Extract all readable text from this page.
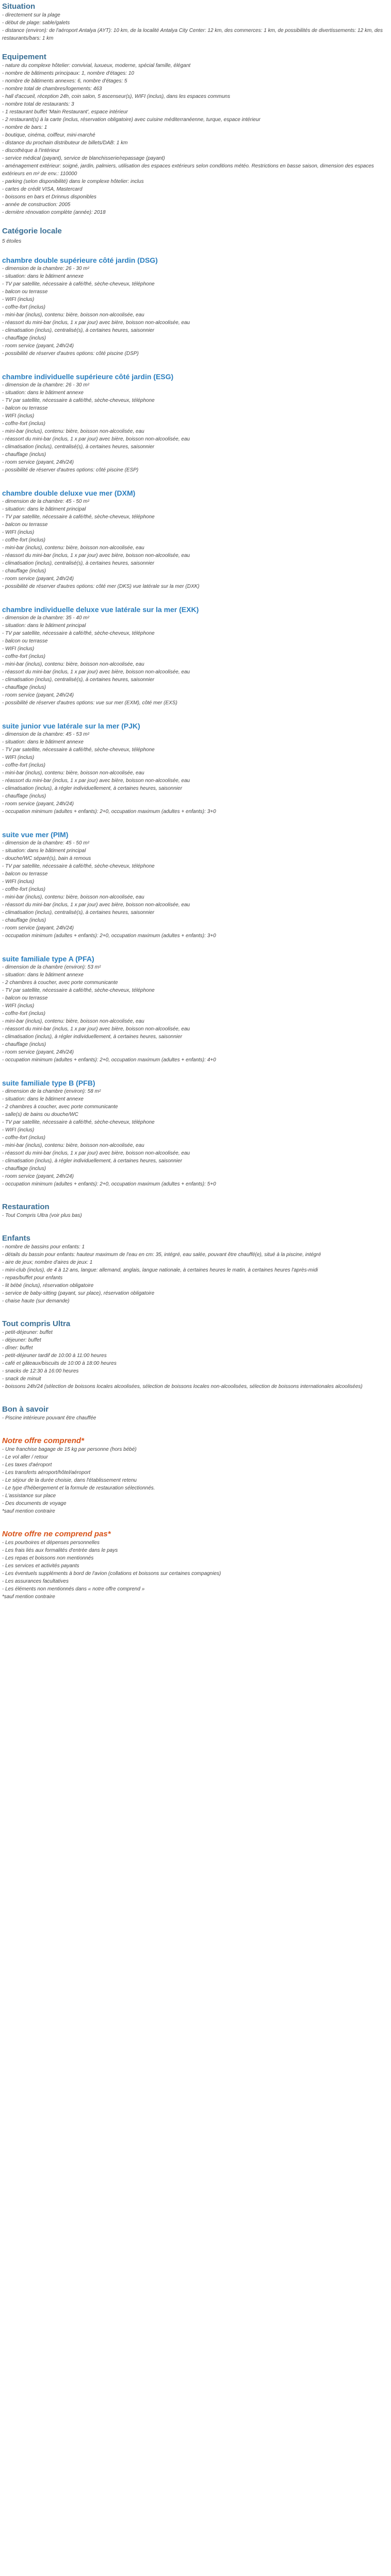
Situation
- directement sur la plage
- début de plage: sable/galets
- distance (environ): de l'aéroport Antalya (AYT): 10 km, de la localité Antalya City Center: 12 km, des commerces: 1 km, de possibilités de divertissements: 12 km, des restaurants/bars: 1 km
Equipement
- nature du complexe hôtelier: convivial, luxueux, moderne, spécial famille, élégant
- nombre de bâtiments principaux: 1, nombre d'étages: 10
- nombre de bâtiments annexes: 6, nombre d'étages: 5
- nombre total de chambres/logements: 463
- hall d'accueil, réception 24h, coin salon, 5 ascenseur(s), WIFI (inclus), dans les espaces communs
- nombre total de restaurants: 3
- 1 restaurant buffet 'Main Restaurant', espace intérieur
- 2 restaurant(s) à la carte (inclus, réservation obligatoire) avec cuisine méditerranéenne, turque, espace intérieur
- nombre de bars: 1
- boutique, cinéma, coiffeur, mini-marché
- distance du prochain distributeur de billets/DAB: 1 km
- discothèque à l'intérieur
- service médical (payant), service de blanchisserie/repassage (payant)
- aménagement extérieur: soigné, jardin, palmiers, utilisation des espaces extérieurs selon conditions météo. Restrictions en basse saison, dimension des espaces extérieurs en m² de env.: 110000
- parking (selon disponibilité) dans le complexe hôtelier: inclus
- cartes de crédit VISA, Mastercard
- boissons en bars et Drinnus disponibles
- année de construction: 2005
- dernière rénovation complète (année): 2018
Catégorie locale

5 étoiles

chambre double supérieure côté jardin (DSG)
- dimension de la chambre: 26 - 30 m²
- situation: dans le bâtiment annexe
- TV par satellite, nécessaire à café/thé, sèche-cheveux, téléphone
- balcon ou terrasse
- WIFI (inclus)
- coffre-fort (inclus)
- mini-bar (inclus), contenu: bière, boisson non-alcoolisée, eau
- réassort du mini-bar (inclus, 1 x par jour) avec bière, boisson non-alcoolisée, eau
- climatisation (inclus), centralisé(s), à certaines heures, saisonnier
- chauffage (inclus)
- room service (payant, 24h/24)
- possibilité de réserver d'autres options: côté piscine (DSP)
chambre individuelle supérieure côté jardin (ESG)
- dimension de la chambre: 26 - 30 m²
- situation: dans le bâtiment annexe
- TV par satellite, nécessaire à café/thé, sèche-cheveux, téléphone
- balcon ou terrasse
- WIFI (inclus)
- coffre-fort (inclus)
- mini-bar (inclus), contenu: bière, boisson non-alcoolisée, eau
- réassort du mini-bar (inclus, 1 x par jour) avec bière, boisson non-alcoolisée, eau
- climatisation (inclus), centralisé(s), à certaines heures, saisonnier
- chauffage (inclus)
- room service (payant, 24h/24)
- possibilité de réserver d'autres options: côté piscine (ESP)
chambre double deluxe vue mer (DXM)
- dimension de la chambre: 45 - 50 m²
- situation: dans le bâtiment principal
- TV par satellite, nécessaire à café/thé, sèche-cheveux, téléphone
- balcon ou terrasse
- WIFI (inclus)
- coffre-fort (inclus)
- mini-bar (inclus), contenu: bière, boisson non-alcoolisée, eau
- réassort du mini-bar (inclus, 1 x par jour) avec bière, boisson non-alcoolisée, eau
- climatisation (inclus), centralisé(s), à certaines heures, saisonnier
- chauffage (inclus)
- room service (payant, 24h/24)
- possibilité de réserver d'autres options: côté mer (DKS) vue latérale sur la mer (DXK)
chambre individuelle deluxe vue latérale sur la mer (EXK)
- dimension de la chambre: 35 - 40 m²
- situation: dans le bâtiment principal
- TV par satellite, nécessaire à café/thé, sèche-cheveux, téléphone
- balcon ou terrasse
- WIFI (inclus)
- coffre-fort (inclus)
- mini-bar (inclus), contenu: bière, boisson non-alcoolisée, eau
- réassort du mini-bar (inclus, 1 x par jour) avec bière, boisson non-alcoolisée, eau
- climatisation (inclus), centralisé(s), à certaines heures, saisonnier
- chauffage (inclus)
- room service (payant, 24h/24)
- possibilité de réserver d'autres options: vue sur mer (EXM), côté mer (EXS)
suite junior vue latérale sur la mer (PJK)
- dimension de la chambre: 45 - 53 m²
- situation: dans le bâtiment annexe
- TV par satellite, nécessaire à café/thé, sèche-cheveux, téléphone
- WIFI (inclus)
- coffre-fort (inclus)
- mini-bar (inclus), contenu: bière, boisson non-alcoolisée, eau
- réassort du mini-bar (inclus, 1 x par jour) avec bière, boisson non-alcoolisée, eau
- climatisation (inclus), à régler individuellement, à certaines heures, saisonnier
- chauffage (inclus)
- room service (payant, 24h/24)
- occupation minimum (adultes + enfants): 2+0, occupation maximum (adultes + enfants): 3+0
suite vue mer (PIM)
- dimension de la chambre: 45 - 50 m²
- situation: dans le bâtiment principal
- douche/WC séparé(s), bain à remous
- TV par satellite, nécessaire à café/thé, sèche-cheveux, téléphone
- balcon ou terrasse
- WIFI (inclus)
- coffre-fort (inclus)
- mini-bar (inclus), contenu: bière, boisson non-alcoolisée, eau
- réassort du mini-bar (inclus, 1 x par jour) avec bière, boisson non-alcoolisée, eau
- climatisation (inclus), centralisé(s), à certaines heures, saisonnier
- chauffage (inclus)
- room service (payant, 24h/24)
- occupation minimum (adultes + enfants): 2+0, occupation maximum (adultes + enfants): 3+0
suite familiale type A (PFA)
- dimension de la chambre (environ): 53 m²
- situation: dans le bâtiment annexe
- 2 chambres à coucher, avec porte communicante
- TV par satellite, nécessaire à café/thé, sèche-cheveux, téléphone
- balcon ou terrasse
- WIFI (inclus)
- coffre-fort (inclus)
- mini-bar (inclus), contenu: bière, boisson non-alcoolisée, eau
- réassort du mini-bar (inclus, 1 x par jour) avec bière, boisson non-alcoolisée, eau
- climatisation (inclus), à régler individuellement, à certaines heures, saisonnier
- chauffage (inclus)
- room service (payant, 24h/24)
- occupation minimum (adultes + enfants): 2+0, occupation maximum (adultes + enfants): 4+0
suite familiale type B (PFB)
- dimension de la chambre (environ): 58 m²
- situation: dans le bâtiment annexe
- 2 chambres à coucher, avec porte communicante
- salle(s) de bains ou douche/WC
- TV par satellite, nécessaire à café/thé, sèche-cheveux, téléphone
- WIFI (inclus)
- coffre-fort (inclus)
- mini-bar (inclus), contenu: bière, boisson non-alcoolisée, eau
- réassort du mini-bar (inclus, 1 x par jour) avec bière, boisson non-alcoolisée, eau
- climatisation (inclus), à régler individuellement, à certaines heures, saisonnier
- chauffage (inclus)
- room service (payant, 24h/24)
- occupation minimum (adultes + enfants): 2+0, occupation maximum (adultes + enfants): 5+0
Restauration
- Tout Compris Ultra (voir plus bas)
Enfants
- nombre de bassins pour enfants: 1
- détails du bassin pour enfants: hauteur maximum de l'eau en cm: 35, intégré, eau salée, pouvant être chauffé(e), situé à la piscine, intégré
- aire de jeux; nombre d'aires de jeux: 1
- mini-club (inclus), de 4 à 12 ans, langue: allemand, anglais, langue nationale, à certaines heures le matin, à certaines heures l'après-midi
- repas/buffet pour enfants
- lit bébé (inclus), réservation obligatoire
- service de baby-sitting (payant, sur place), réservation obligatoire
- chaise haute (sur demande)
Tout compris Ultra
- petit-déjeuner: buffet
- déjeuner: buffet
- dîner: buffet
- petit-déjeuner tardif de 10:00 à 11:00 heures
- café et gâteaux/biscuits de 10:00 à 18:00 heures
- snacks de 12:30 à 16:00 heures
- snack de minuit
- boissons 24h/24 (sélection de boissons locales alcoolisées, sélection de boissons locales non-alcoolisées, sélection de boissons internationales alcoolisées)
Bon à savoir
- Piscine intérieure pouvant être chauffée
Notre offre comprend*
- Une franchise bagage de 15 kg par personne (hors bébé)
- Le vol aller / retour
- Les taxes d'aéroport
- Les transferts aéroport/hôtel/aéroport
- Le séjour de la durée choisie, dans l'établissement retenu
- Le type d'hébergement et la formule de restauration sélectionnés.
- L'assistance sur place
- Des documents de voyage
*sauf mention contraire
Notre offre ne comprend pas*
- Les pourboires et dépenses personnelles
- Les frais liés aux formalités d'entrée dans le pays
- Les repas et boissons non mentionnés
- Les services et activités payants
- Les éventuels suppléments à bord de l'avion (collations et boissons sur certaines compagnies)
- Les assurances facultatives
- Les éléments non mentionnés dans « notre offre comprend »
*sauf mention contraire
